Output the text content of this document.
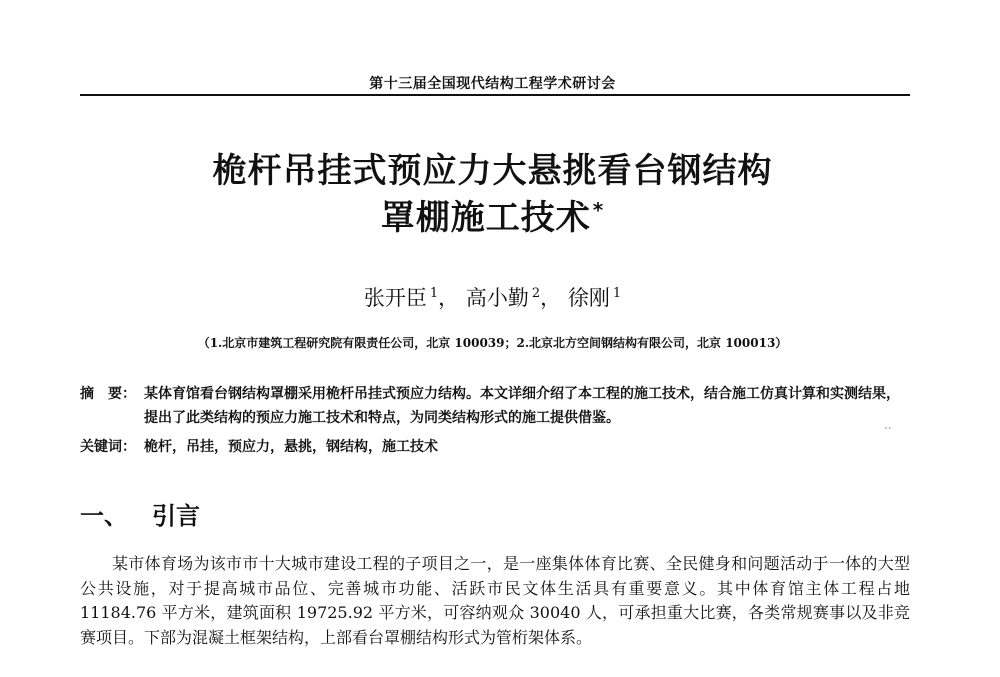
第十三届全国现代结构工程学术研讨会
桅杆吊挂式预应力大悬挑看台钢结构
罩棚施工技术 *
张开臣 $^1$， 高小勤 $^2$， 徐刚 $^1$
（1.北京市建筑工程研究院有限责任公司，北京 100039；2.北京北方空间钢结构有限公司，北京 100013）
摘　要： 某体育馆看台钢结构罩棚采用桅杆吊挂式预应力结构。本文详细介绍了本工程的施工技术，结合施工仿真计算和实测结果，提出了此类结构的预应力施工技术和特点，为同类结构形式的施工提供借鉴。
关键词： 桅杆，吊挂，预应力，悬挑，钢结构，施工技术
..
一、 引言
某市体育场为该市市十大城市建设工程的子项目之一，是一座集体体育比赛、全民健身和问题活动于一体的大型公共设施，对于提高城市品位、完善城市功能、活跃市民文体生活具有重要意义。其中体育馆主体工程占地 11184.76 平方米，建筑面积 19725.92 平方米，可容纳观众 30040 人，可承担重大比赛，各类常规赛事以及非竞赛项目。下部为混凝土框架结构，上部看台罩棚结构形式为管桁架体系。
